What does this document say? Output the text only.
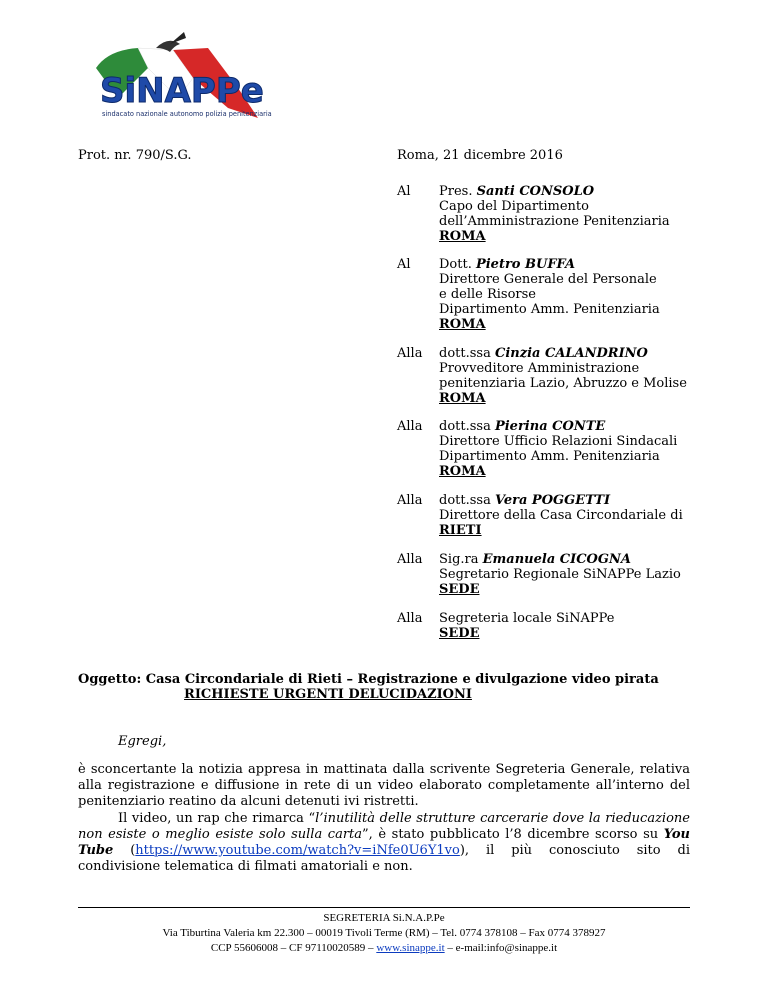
SiNAPPe
sindacato nazionale autonomo polizia penitenziaria
Prot. nr. 790/S.G.	Roma, 21 dicembre 2016
Al Pres. Santi CONSOLO
Capo del Dipartimento
dell’Amministrazione Penitenziaria
ROMA
Al Dott. Pietro BUFFA
Direttore Generale del Personale
e delle Risorse
Dipartimento Amm. Penitenziaria
ROMA
Alla dott.ssa Cinzia CALANDRINO
Provveditore Amministrazione
penitenziaria Lazio, Abruzzo e Molise
ROMA
Alla dott.ssa Pierina CONTE
Direttore Ufficio Relazioni Sindacali
Dipartimento Amm. Penitenziaria
ROMA
Alla dott.ssa Vera POGGETTI
Direttore della Casa Circondariale di
RIETI
Alla Sig.ra Emanuela CICOGNA
Segretario Regionale SiNAPPe Lazio
SEDE
Alla Segreteria locale SiNAPPe
SEDE
Oggetto: Casa Circondariale di Rieti – Registrazione e divulgazione video pirata
RICHIESTE URGENTI DELUCIDAZIONI
Egregi,
è sconcertante la notizia appresa in mattinata dalla scrivente Segreteria Generale, relativa alla registrazione e diffusione in rete di un video elaborato completamente all’interno del penitenziario reatino da alcuni detenuti ivi ristretti.
Il video, un rap che rimarca “l’inutilità delle strutture carcerarie dove la rieducazione non esiste o meglio esiste solo sulla carta”, è stato pubblicato l’8 dicembre scorso su You Tube (https://www.youtube.com/watch?v=iNfe0U6Y1vo), il più conosciuto sito di condivisione telematica di filmati amatoriali e non.
SEGRETERIA Si.N.A.P.Pe
Via Tiburtina Valeria km 22.300 – 00019 Tivoli Terme (RM) – Tel. 0774 378108 – Fax 0774 378927
CCP 55606008 – CF 97110020589 – www.sinappe.it – e-mail:info@sinappe.it
